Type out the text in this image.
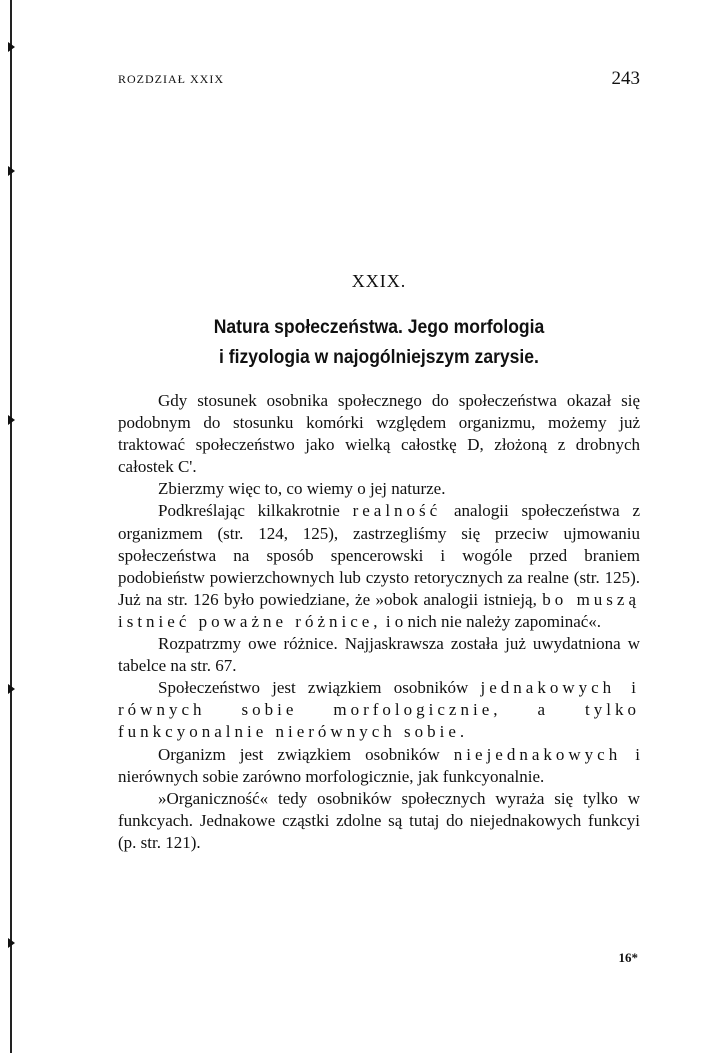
ROZDZIAŁ XXIX	243
XXIX.
Natura społeczeństwa. Jego morfologia
i fizyologia w najogólniejszym zarysie.

Gdy stosunek osobnika społecznego do społeczeństwa okazał się podobnym do stosunku komórki względem organizmu, możemy już traktować społeczeństwo jako wielką całostkę D, złożoną z drobnych całostek C'.

Zbierzmy więc to, co wiemy o jej naturze.

Podkreślając kilkakrotnie realność analogii społeczeństwa z organizmem (str. 124, 125), zastrzegliśmy się przeciw ujmowaniu społeczeństwa na sposób spencerowski i wogóle przed braniem podobieństw powierzchownych lub czysto retorycznych za realne (str. 125). Już na str. 126 było powiedziane, że »obok analogii istnieją, bo muszą istnieć poważne różnice, i o nich nie należy zapominać«.

Rozpatrzmy owe różnice. Najjaskrawsza została już uwydatniona w tabelce na str. 67.

Społeczeństwo jest związkiem osobników jednakowych i równych sobie morfologicznie, a tylko funkcyonalnie nierównych sobie.

Organizm jest związkiem osobników niejednakowych i nierównych sobie zarówno morfologicznie, jak funkcyonalnie.

»Organiczność« tedy osobników społecznych wyraża się tylko w funkcyach. Jednakowe cząstki zdolne są tutaj do niejednakowych funkcyi (p. str. 121).

16*
